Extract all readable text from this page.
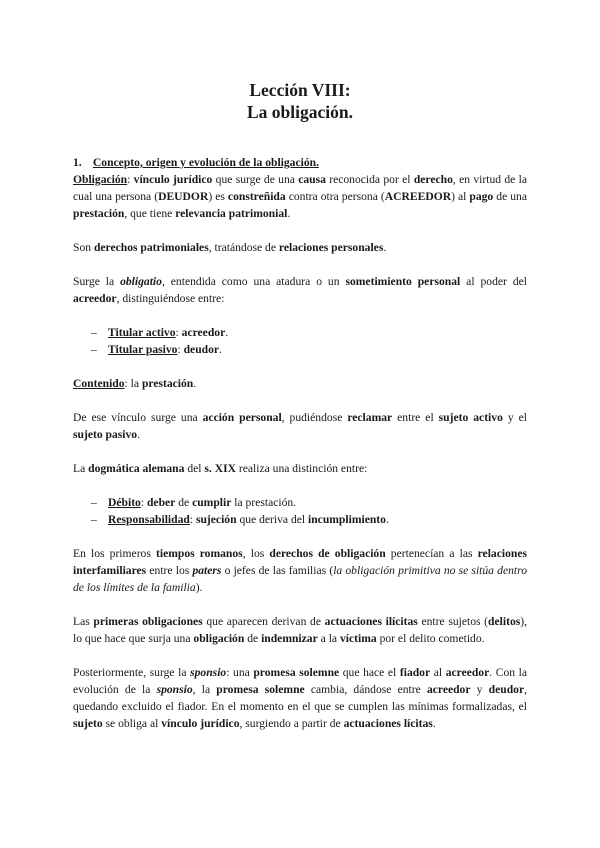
Lección VIII:
La obligación.

1. Concepto, origen y evolución de la obligación.

Obligación: vínculo jurídico que surge de una causa reconocida por el derecho, en virtud de la cual una persona (DEUDOR) es constreñida contra otra persona (ACREEDOR) al pago de una prestación, que tiene relevancia patrimonial.

Son derechos patrimoniales, tratándose de relaciones personales.

Surge la obligatio, entendida como una atadura o un sometimiento personal al poder del acreedor, distinguiéndose entre:

– Titular activo: acreedor.
– Titular pasivo: deudor.

Contenido: la prestación.

De ese vínculo surge una acción personal, pudiéndose reclamar entre el sujeto activo y el sujeto pasivo.

La dogmática alemana del s. XIX realiza una distinción entre:

– Débito: deber de cumplir la prestación.
– Responsabilidad: sujeción que deriva del incumplimiento.

En los primeros tiempos romanos, los derechos de obligación pertenecían a las relaciones interfamiliares entre los paters o jefes de las familias (la obligación primitiva no se sitúa dentro de los límites de la familia).

Las primeras obligaciones que aparecen derivan de actuaciones ilícitas entre sujetos (delitos), lo que hace que surja una obligación de indemnizar a la víctima por el delito cometido.

Posteriormente, surge la sponsio: una promesa solemne que hace el fiador al acreedor. Con la evolución de la sponsio, la promesa solemne cambia, dándose entre acreedor y deudor, quedando excluido el fiador. En el momento en el que se cumplen las mínimas formalizadas, el sujeto se obliga al vínculo jurídico, surgiendo a partir de actuaciones lícitas.
